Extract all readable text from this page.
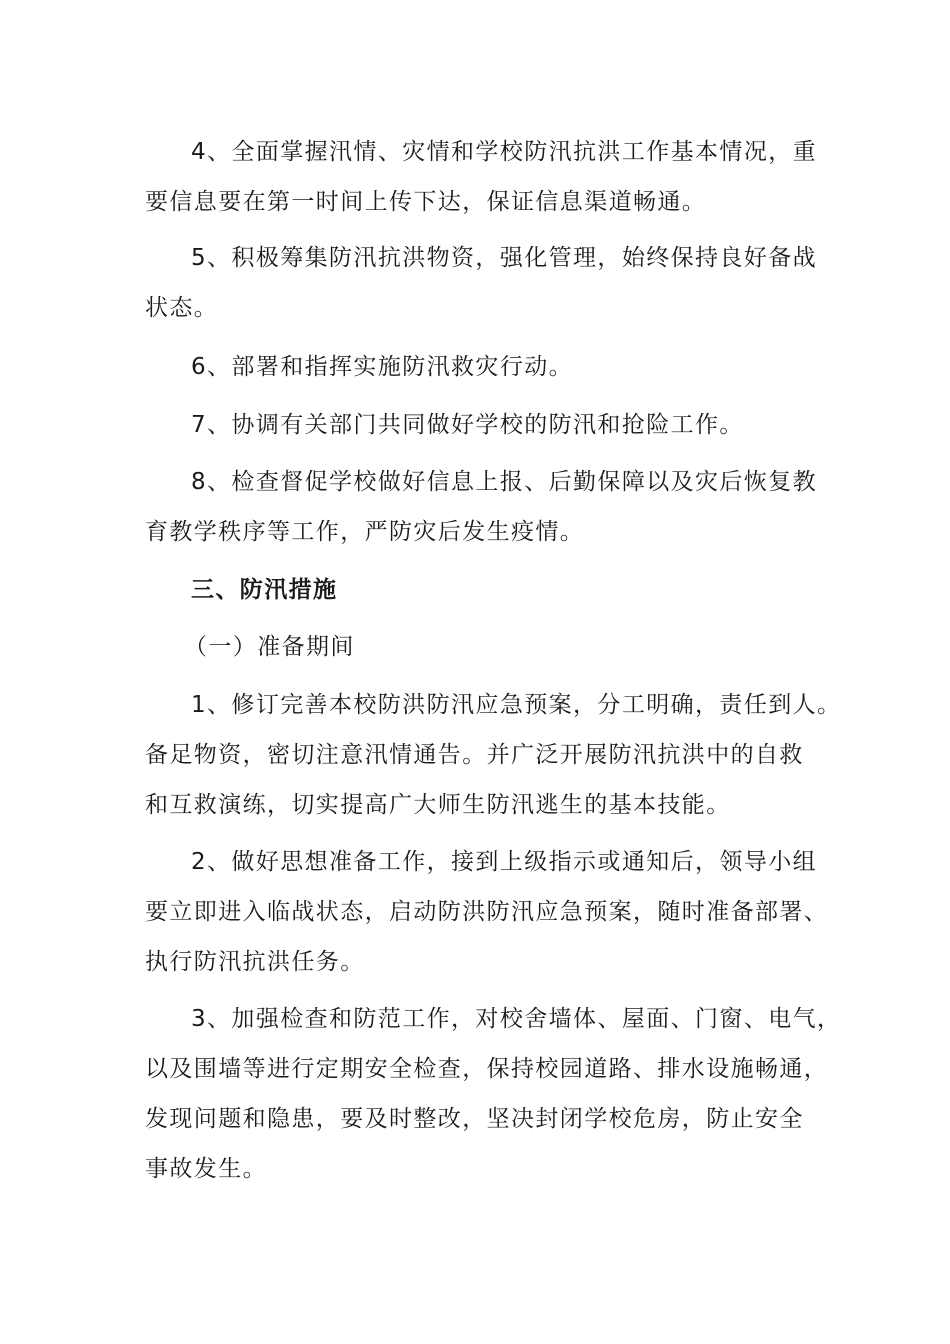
4、全面掌握汛情、灾情和学校防汛抗洪工作基本情况，重
要信息要在第一时间上传下达，保证信息渠道畅通。
5、积极筹集防汛抗洪物资，强化管理，始终保持良好备战
状态。
6、部署和指挥实施防汛救灾行动。
7、协调有关部门共同做好学校的防汛和抢险工作。
8、检查督促学校做好信息上报、后勤保障以及灾后恢复教
育教学秩序等工作，严防灾后发生疫情。
三、防汛措施
（一）准备期间
1、修订完善本校防洪防汛应急预案，分工明确，责任到人。
备足物资，密切注意汛情通告。并广泛开展防汛抗洪中的自救
和互救演练，切实提高广大师生防汛逃生的基本技能。
2、做好思想准备工作，接到上级指示或通知后，领导小组
要立即进入临战状态，启动防洪防汛应急预案，随时准备部署、
执行防汛抗洪任务。
3、加强检查和防范工作，对校舍墙体、屋面、门窗、电气，
以及围墙等进行定期安全检查，保持校园道路、排水设施畅通，
发现问题和隐患，要及时整改，坚决封闭学校危房，防止安全
事故发生。
